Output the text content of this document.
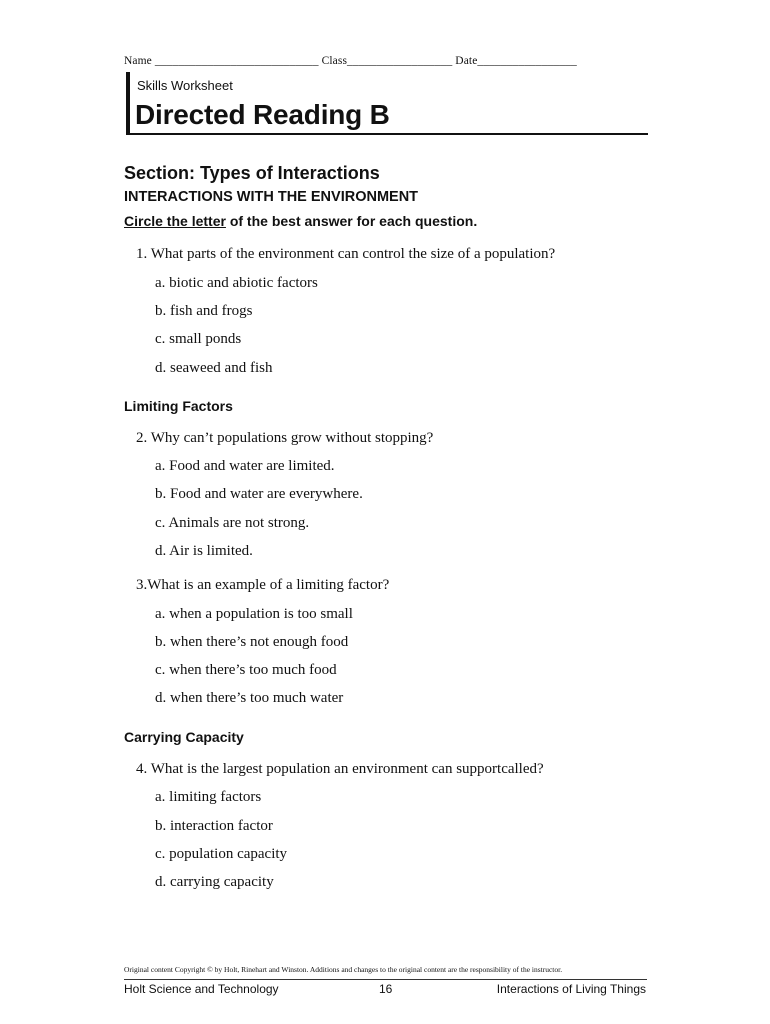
Name ____________________________ Class__________________ Date_________________
Skills Worksheet
Directed Reading B
Section: Types of Interactions
INTERACTIONS WITH THE ENVIRONMENT
Circle the letter of the best answer for each question.
1. What parts of the environment can control the size of a population?
a. biotic and abiotic factors
b. fish and frogs
c. small ponds
d. seaweed and fish
Limiting Factors
2. Why can’t populations grow without stopping?
a. Food and water are limited.
b. Food and water are everywhere.
c. Animals are not strong.
d. Air is limited.
3.What is an example of a limiting factor?
a. when a population is too small
b. when there’s not enough food
c. when there’s too much food
d. when there’s too much water
Carrying Capacity
4. What is the largest population an environment can supportcalled?
a. limiting factors
b. interaction factor
c. population capacity
d. carrying capacity
Original content Copyright © by Holt, Rinehart and Winston. Additions and changes to the original content are the responsibility of the instructor.
Holt Science and Technology	16	Interactions of Living Things
